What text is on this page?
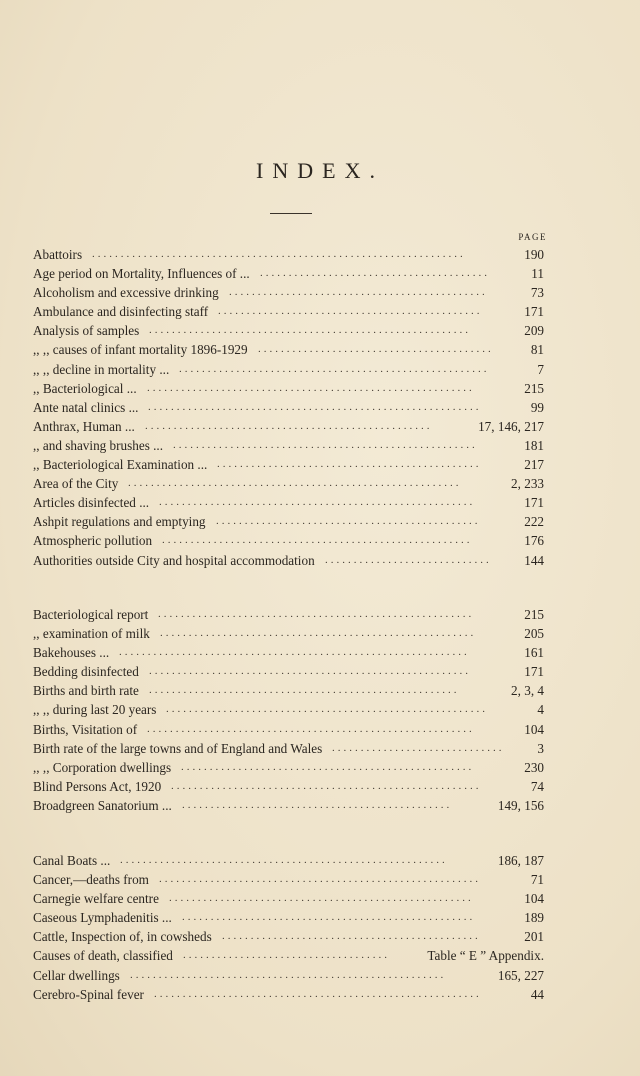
INDEX.
PAGE
Abattoirs .................................................................	190
Age period on Mortality, Influences of ... ........................................	11
Alcoholism and excessive drinking .............................................	73
Ambulance and disinfecting staff ..............................................	171
Analysis of samples ........................................................	209
,, ,, causes of infant mortality 1896-1929 .........................................	81
,, ,, decline in mortality ... ......................................................	7
,, Bacteriological ... .........................................................	215
Ante natal clinics ... ..........................................................	99
Anthrax, Human ... ..................................................	17, 146, 217
,, and shaving brushes ... .....................................................	181
,, Bacteriological Examination ... ..............................................	217
Area of the City ..........................................................	2, 233
Articles disinfected ... .......................................................	171
Ashpit regulations and emptying ..............................................	222
Atmospheric pollution ......................................................	176
Authorities outside City and hospital accommodation .............................	144
Bacteriological report .......................................................	215
,, examination of milk .......................................................	205
Bakehouses ... .............................................................	161
Bedding disinfected ........................................................	171
Births and birth rate ......................................................	2, 3, 4
,, ,, during last 20 years ........................................................	4
Births, Visitation of .........................................................	104
Birth rate of the large towns and of England and Wales ..............................	3
,, ,, Corporation dwellings ...................................................	230
Blind Persons Act, 1920 ......................................................	74
Broadgreen Sanatorium ... ...............................................	149, 156
Canal Boats ... .........................................................	186, 187
Cancer,—deaths from ........................................................	71
Carnegie welfare centre .....................................................	104
Caseous Lymphadenitis ... ...................................................	189
Cattle, Inspection of, in cowsheds .............................................	201
Causes of death, classified ....................................	Table “ E ” Appendix.
Cellar dwellings .......................................................	165, 227
Cerebro-Spinal fever .........................................................	44
